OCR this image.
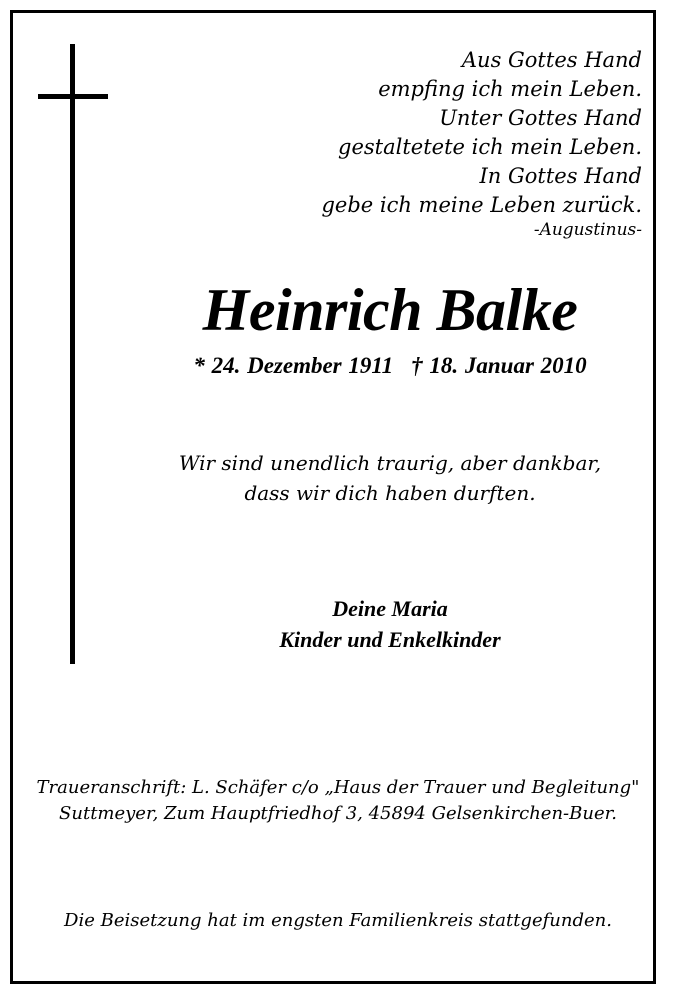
Aus Gottes Hand
empfing ich mein Leben.
Unter Gottes Hand
gestaltetete ich mein Leben.
In Gottes Hand
gebe ich meine Leben zurück.
-Augustinus-
Heinrich Balke
* 24. Dezember 1911 † 18. Januar 2010
Wir sind unendlich traurig, aber dankbar,
dass wir dich haben durften.
Deine Maria
Kinder und Enkelkinder
Traueranschrift: L. Schäfer c/o „Haus der Trauer und Begleitung"
Suttmeyer, Zum Hauptfriedhof 3, 45894 Gelsenkirchen-Buer.
Die Beisetzung hat im engsten Familienkreis stattgefunden.
